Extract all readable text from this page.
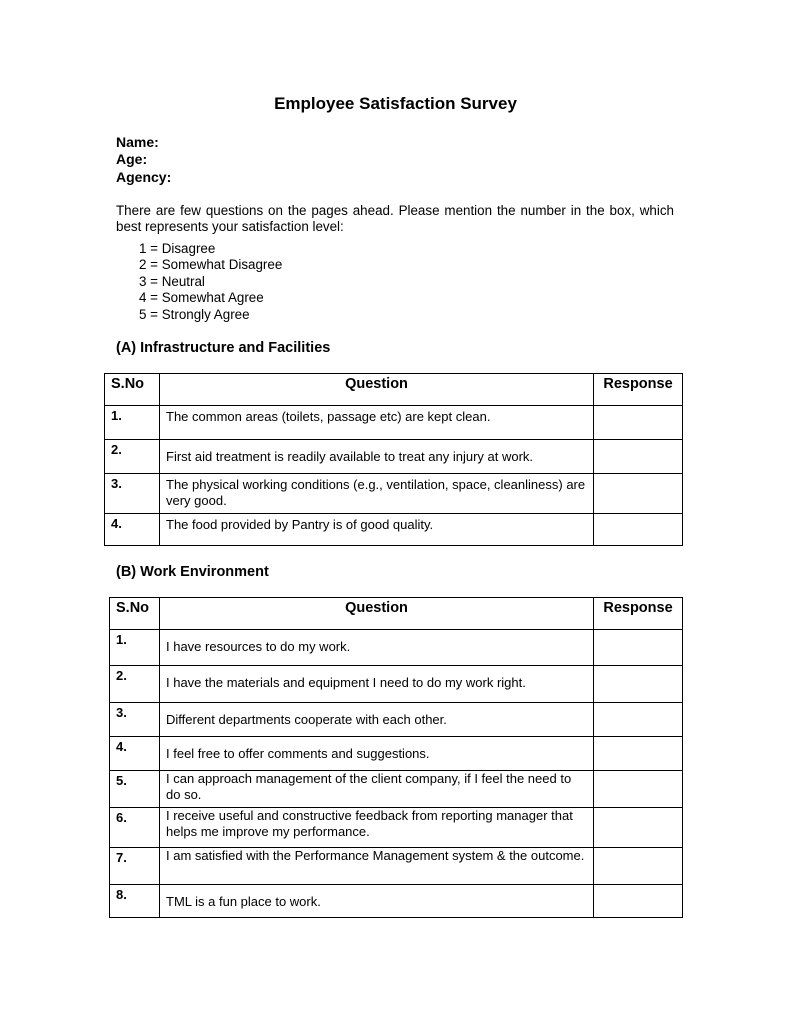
Employee Satisfaction Survey
Name:
Age:
Agency:
There are few questions on the pages ahead. Please mention the number in the box, which best represents your satisfaction level:
1 = Disagree
2 = Somewhat Disagree
3 = Neutral
4 = Somewhat Agree
5 = Strongly Agree
(A) Infrastructure and Facilities
S.No	Question	Response
1.	The common areas (toilets, passage etc) are kept clean.	
2.	First aid treatment is readily available to treat any injury at work.	
3.	The physical working conditions (e.g., ventilation, space, cleanliness) are very good.	
4.	The food provided by Pantry is of good quality.	
(B) Work Environment
S.No	Question	Response
1.	I have resources to do my work.	
2.	I have the materials and equipment I need to do my work right.	
3.	Different departments cooperate with each other.	
4.	I feel free to offer comments and suggestions.	
5.	I can approach management of the client company, if I feel the need to do so.	
6.	I receive useful and constructive feedback from reporting manager that helps me improve my performance.	
7.	I am satisfied with the Performance Management system & the outcome.	
8.	TML is a fun place to work.	
